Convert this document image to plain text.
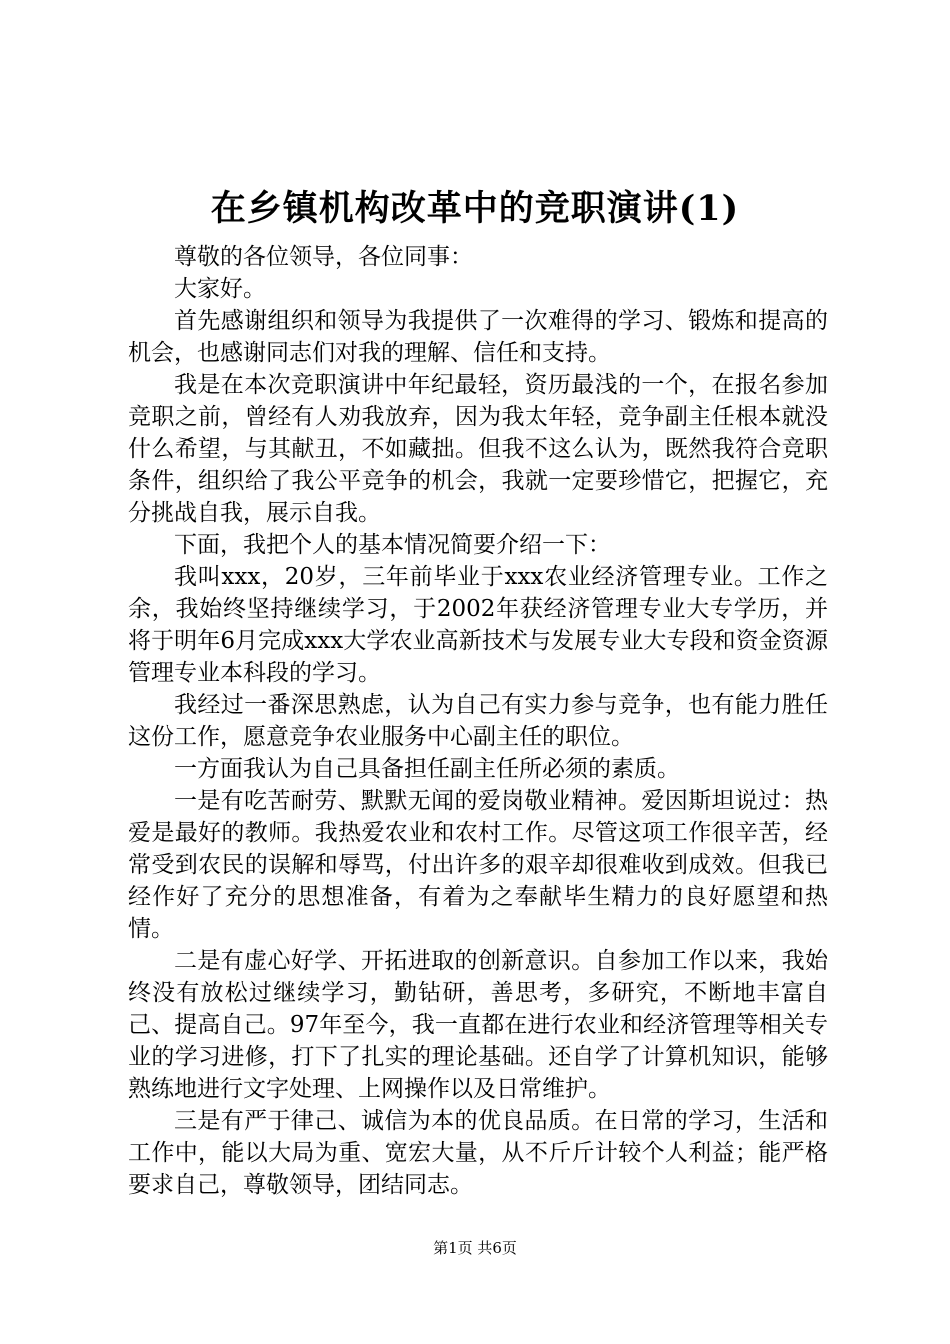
在乡镇机构改革中的竞职演讲(1)

尊敬的各位领导，各位同事：

大家好。

首先感谢组织和领导为我提供了一次难得的学习、锻炼和提高的机会，也感谢同志们对我的理解、信任和支持。

我是在本次竞职演讲中年纪最轻，资历最浅的一个，在报名参加竞职之前，曾经有人劝我放弃，因为我太年轻，竞争副主任根本就没什么希望，与其献丑，不如藏拙。但我不这么认为，既然我符合竞职条件，组织给了我公平竞争的机会，我就一定要珍惜它，把握它，充分挑战自我，展示自我。

下面，我把个人的基本情况简要介绍一下：

我叫xxx，20岁，三年前毕业于xxx农业经济管理专业。工作之余，我始终坚持继续学习，于2002年获经济管理专业大专学历，并将于明年6月完成xxx大学农业高新技术与发展专业大专段和资金资源管理专业本科段的学习。

我经过一番深思熟虑，认为自己有实力参与竞争，也有能力胜任这份工作，愿意竞争农业服务中心副主任的职位。

一方面我认为自己具备担任副主任所必须的素质。

一是有吃苦耐劳、默默无闻的爱岗敬业精神。爱因斯坦说过：热爱是最好的教师。我热爱农业和农村工作。尽管这项工作很辛苦，经常受到农民的误解和辱骂，付出许多的艰辛却很难收到成效。但我已经作好了充分的思想准备，有着为之奉献毕生精力的良好愿望和热情。

二是有虚心好学、开拓进取的创新意识。自参加工作以来，我始终没有放松过继续学习，勤钻研，善思考，多研究，不断地丰富自己、提高自己。97年至今，我一直都在进行农业和经济管理等相关专业的学习进修，打下了扎实的理论基础。还自学了计算机知识，能够熟练地进行文字处理、上网操作以及日常维护。

三是有严于律己、诚信为本的优良品质。在日常的学习，生活和工作中，能以大局为重、宽宏大量，从不斤斤计较个人利益；能严格要求自己，尊敬领导，团结同志。

第1页 共6页
